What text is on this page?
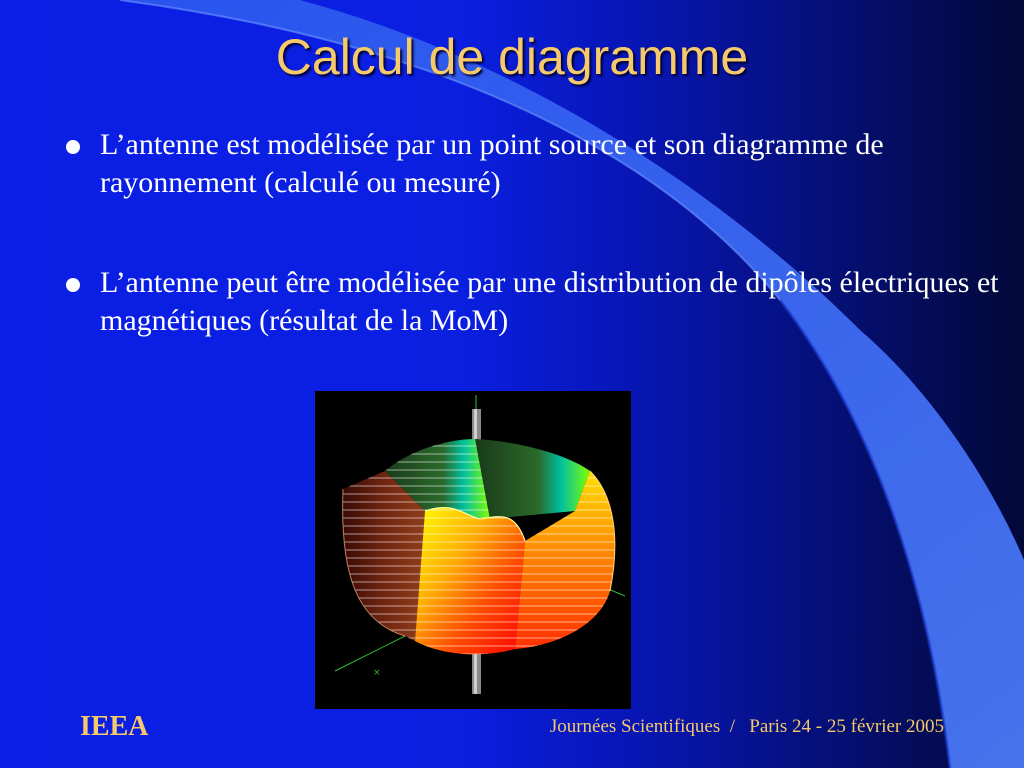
Calcul de diagramme
L’antenne est modélisée par un point source et son diagramme de rayonnement (calculé ou mesuré)
L’antenne peut être modélisée par une distribution de dipôles électriques et magnétiques (résultat de la MoM)
×
IEEA	Journées Scientifiques  /   Paris 24 - 25 février 2005
